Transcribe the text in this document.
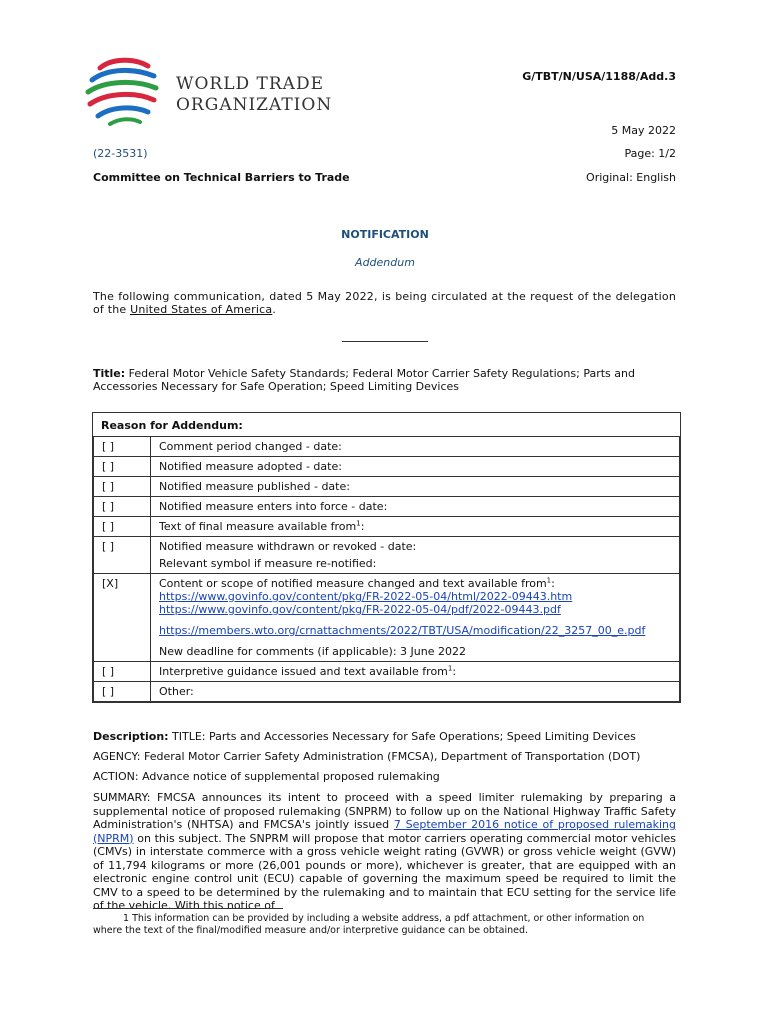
WORLD TRADE
ORGANIZATION
G/TBT/N/USA/1188/Add.3
5 May 2022
(22-3531)	Page: 1/2
Committee on Technical Barriers to Trade	Original: English
NOTIFICATION
Addendum
The following communication, dated 5 May 2022, is being circulated at the request of the delegation of the United States of America.
Title: Federal Motor Vehicle Safety Standards; Federal Motor Carrier Safety Regulations; Parts and Accessories Necessary for Safe Operation; Speed Limiting Devices
Reason for Addendum:
[ ]	Comment period changed - date:
[ ]	Notified measure adopted - date:
[ ]	Notified measure published - date:
[ ]	Notified measure enters into force - date:
[ ]	Text of final measure available from$^1$:
[ ]	Notified measure withdrawn or revoked - date:
Relevant symbol if measure re-notified:

[X]	Content or scope of notified measure changed and text available from$^1$:
https://www.govinfo.gov/content/pkg/FR-2022-05-04/html/2022-09443.htm
https://www.govinfo.gov/content/pkg/FR-2022-05-04/pdf/2022-09443.pdf
https://members.wto.org/crnattachments/2022/TBT/USA/modification/22_3257_00_e.pdf
New deadline for comments (if applicable): 3 June 2022

[ ]	Interpretive guidance issued and text available from$^1$:
[ ]	Other:
Description: TITLE: Parts and Accessories Necessary for Safe Operations; Speed Limiting Devices
AGENCY: Federal Motor Carrier Safety Administration (FMCSA), Department of Transportation (DOT)
ACTION: Advance notice of supplemental proposed rulemaking
SUMMARY: FMCSA announces its intent to proceed with a speed limiter rulemaking by preparing a supplemental notice of proposed rulemaking (SNPRM) to follow up on the National Highway Traffic Safety Administration's (NHTSA) and FMCSA's jointly issued 7 September 2016 notice of proposed rulemaking (NPRM) on this subject. The SNPRM will propose that motor carriers operating commercial motor vehicles (CMVs) in interstate commerce with a gross vehicle weight rating (GVWR) or gross vehicle weight (GVW) of 11,794 kilograms or more (26,001 pounds or more), whichever is greater, that are equipped with an electronic engine control unit (ECU) capable of governing the maximum speed be required to limit the CMV to a speed to be determined by the rulemaking and to maintain that ECU setting for the service life of the vehicle. With this notice of
1 This information can be provided by including a website address, a pdf attachment, or other information on where the text of the final/modified measure and/or interpretive guidance can be obtained.
